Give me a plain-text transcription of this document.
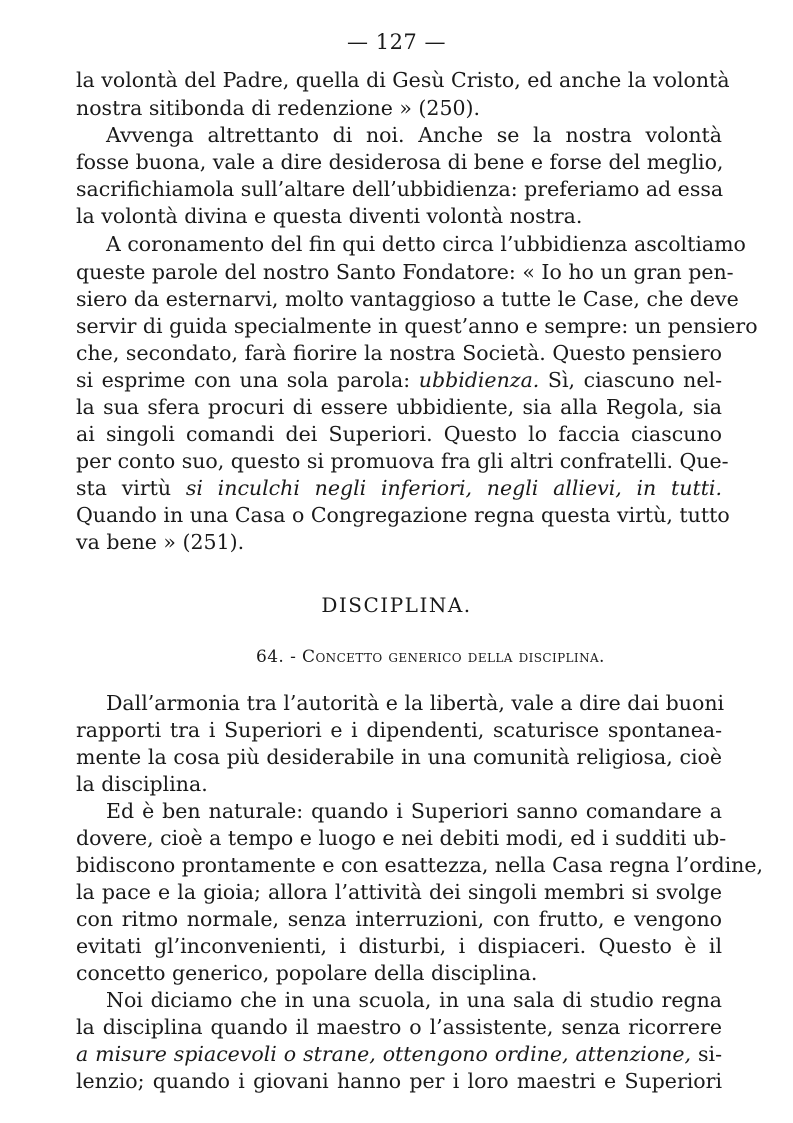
— 127 —
la volontà del Padre, quella di Gesù Cristo, ed anche la volontà
nostra sitibonda di redenzione » (250).
Avvenga altrettanto di noi. Anche se la nostra volontà
fosse buona, vale a dire desiderosa di bene e forse del meglio,
sacrifichiamola sull’altare dell’ubbidienza: preferiamo ad essa
la volontà divina e questa diventi volontà nostra.
A coronamento del fin qui detto circa l’ubbidienza ascoltiamo
queste parole del nostro Santo Fondatore: « Io ho un gran pen-
siero da esternarvi, molto vantaggioso a tutte le Case, che deve
servir di guida specialmente in quest’anno e sempre: un pensiero
che, secondato, farà fiorire la nostra Società. Questo pensiero
si esprime con una sola parola: ubbidienza. Sì, ciascuno nel-
la sua sfera procuri di essere ubbidiente, sia alla Regola, sia
ai singoli comandi dei Superiori. Questo lo faccia ciascuno
per conto suo, questo si promuova fra gli altri confratelli. Que-
sta virtù si inculchi negli inferiori, negli allievi, in tutti.
Quando in una Casa o Congregazione regna questa virtù, tutto
va bene » (251).
DISCIPLINA.
64. - Concetto generico della disciplina.
Dall’armonia tra l’autorità e la libertà, vale a dire dai buoni
rapporti tra i Superiori e i dipendenti, scaturisce spontanea-
mente la cosa più desiderabile in una comunità religiosa, cioè
la disciplina.
Ed è ben naturale: quando i Superiori sanno comandare a
dovere, cioè a tempo e luogo e nei debiti modi, ed i sudditi ub-
bidiscono prontamente e con esattezza, nella Casa regna l’ordine,
la pace e la gioia; allora l’attività dei singoli membri si svolge
con ritmo normale, senza interruzioni, con frutto, e vengono
evitati gl’inconvenienti, i disturbi, i dispiaceri. Questo è il
concetto generico, popolare della disciplina.
Noi diciamo che in una scuola, in una sala di studio regna
la disciplina quando il maestro o l’assistente, senza ricorrere
a misure spiacevoli o strane, ottengono ordine, attenzione, si-
lenzio; quando i giovani hanno per i loro maestri e Superiori
